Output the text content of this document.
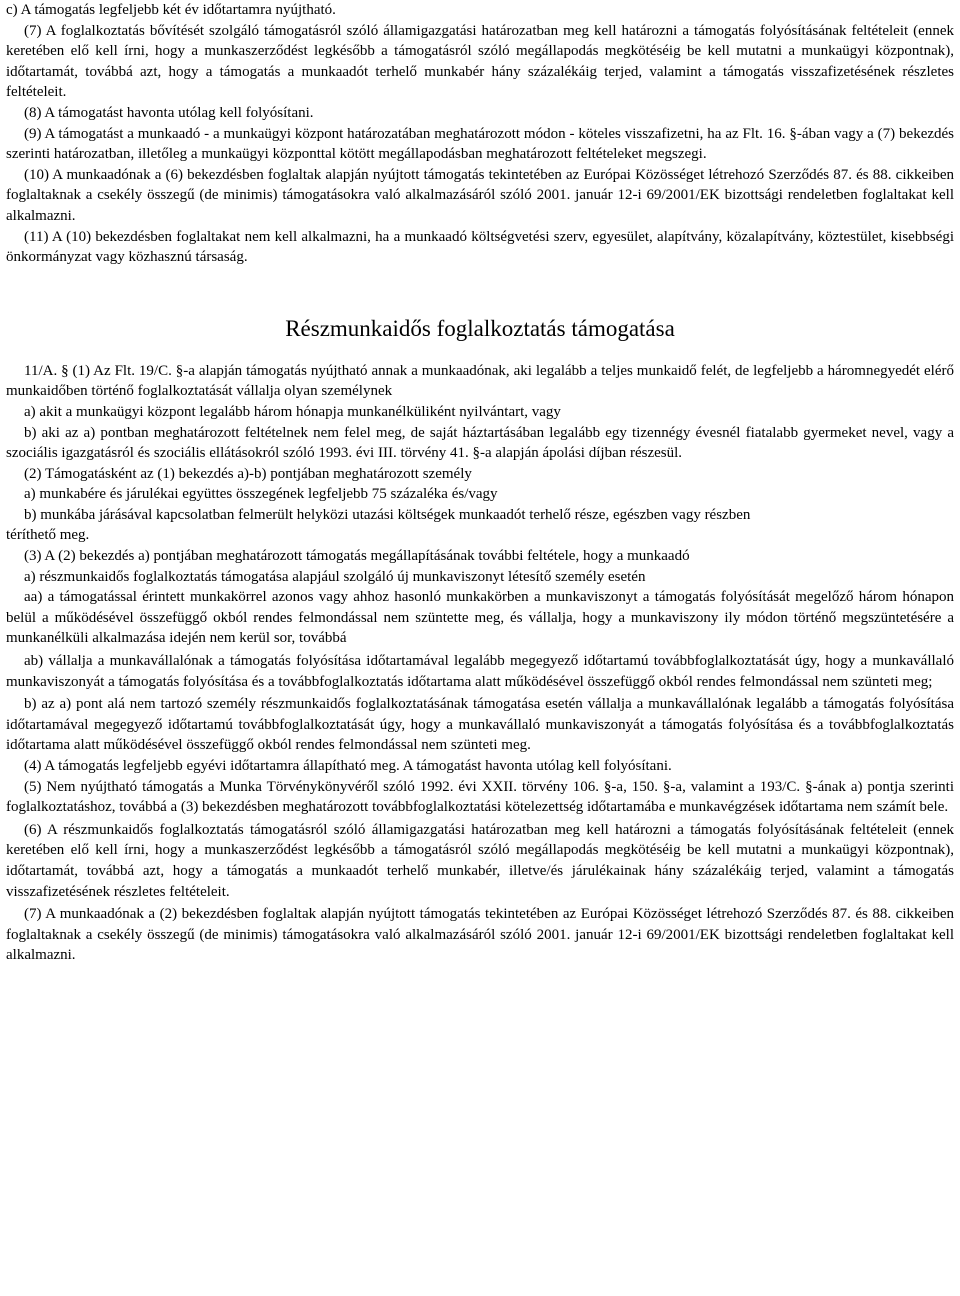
c) A támogatás legfeljebb két év időtartamra nyújtható.

(7) A foglalkoztatás bővítését szolgáló támogatásról szóló államigazgatási határozatban meg kell határozni a támogatás folyósításának feltételeit (ennek keretében elő kell írni, hogy a munkaszerződést legkésőbb a támogatásról szóló megállapodás megkötéséig be kell mutatni a munkaügyi központnak), időtartamát, továbbá azt, hogy a támogatás a munkaadót terhelő munkabér hány százalékáig terjed, valamint a támogatás visszafizetésének részletes feltételeit.

(8) A támogatást havonta utólag kell folyósítani.

(9) A támogatást a munkaadó - a munkaügyi központ határozatában meghatározott módon - köteles visszafizetni, ha az Flt. 16. §-ában vagy a (7) bekezdés szerinti határozatban, illetőleg a munkaügyi központtal kötött megállapodásban meghatározott feltételeket megszegi.

(10) A munkaadónak a (6) bekezdésben foglaltak alapján nyújtott támogatás tekintetében az Európai Közösséget létrehozó Szerződés 87. és 88. cikkeiben foglaltaknak a csekély összegű (de minimis) támogatásokra való alkalmazásáról szóló 2001. január 12-i 69/2001/EK bizottsági rendeletben foglaltakat kell alkalmazni.

(11) A (10) bekezdésben foglaltakat nem kell alkalmazni, ha a munkaadó költségvetési szerv, egyesület, alapítvány, közalapítvány, köztestület, kisebbségi önkormányzat vagy közhasznú társaság.

Részmunkaidős foglalkoztatás támogatása

11/A. § (1) Az Flt. 19/C. §-a alapján támogatás nyújtható annak a munkaadónak, aki legalább a teljes munkaidő felét, de legfeljebb a háromnegyedét elérő munkaidőben történő foglalkoztatását vállalja olyan személynek

a) akit a munkaügyi központ legalább három hónapja munkanélküliként nyilvántart, vagy

b) aki az a) pontban meghatározott feltételnek nem felel meg, de saját háztartásában legalább egy tizennégy évesnél fiatalabb gyermeket nevel, vagy a szociális igazgatásról és szociális ellátásokról szóló 1993. évi III. törvény 41. §-a alapján ápolási díjban részesül.

(2) Támogatásként az (1) bekezdés a)-b) pontjában meghatározott személy

a) munkabére és járulékai együttes összegének legfeljebb 75 százaléka és/vagy

b) munkába járásával kapcsolatban felmerült helyközi utazási költségek munkaadót terhelő része, egészben vagy részben

téríthető meg.

(3) A (2) bekezdés a) pontjában meghatározott támogatás megállapításának további feltétele, hogy a munkaadó

a) részmunkaidős foglalkoztatás támogatása alapjául szolgáló új munkaviszonyt létesítő személy esetén

aa) a támogatással érintett munkakörrel azonos vagy ahhoz hasonló munkakörben a munkaviszonyt a támogatás folyósítását megelőző három hónapon belül a működésével összefüggő okból rendes felmondással nem szüntette meg, és vállalja, hogy a munkaviszony ily módon történő megszüntetésére a munkanélküli alkalmazása idején nem kerül sor, továbbá

ab) vállalja a munkavállalónak a támogatás folyósítása időtartamával legalább megegyező időtartamú továbbfoglalkoztatását úgy, hogy a munkavállaló munkaviszonyát a támogatás folyósítása és a továbbfoglalkoztatás időtartama alatt működésével összefüggő okból rendes felmondással nem szünteti meg;

b) az a) pont alá nem tartozó személy részmunkaidős foglalkoztatásának támogatása esetén vállalja a munkavállalónak legalább a támogatás folyósítása időtartamával megegyező időtartamú továbbfoglalkoztatását úgy, hogy a munkavállaló munkaviszonyát a támogatás folyósítása és a továbbfoglalkoztatás időtartama alatt működésével összefüggő okból rendes felmondással nem szünteti meg.

(4) A támogatás legfeljebb egyévi időtartamra állapítható meg. A támogatást havonta utólag kell folyósítani.

(5) Nem nyújtható támogatás a Munka Törvénykönyvéről szóló 1992. évi XXII. törvény 106. §-a, 150. §-a, valamint a 193/C. §-ának a) pontja szerinti foglalkoztatáshoz, továbbá a (3) bekezdésben meghatározott továbbfoglalkoztatási kötelezettség időtartamába e munkavégzések időtartama nem számít bele.

(6) A részmunkaidős foglalkoztatás támogatásról szóló államigazgatási határozatban meg kell határozni a támogatás folyósításának feltételeit (ennek keretében elő kell írni, hogy a munkaszerződést legkésőbb a támogatásról szóló megállapodás megkötéséig be kell mutatni a munkaügyi központnak), időtartamát, továbbá azt, hogy a támogatás a munkaadót terhelő munkabér, illetve/és járulékainak hány százalékáig terjed, valamint a támogatás visszafizetésének részletes feltételeit.

(7) A munkaadónak a (2) bekezdésben foglaltak alapján nyújtott támogatás tekintetében az Európai Közösséget létrehozó Szerződés 87. és 88. cikkeiben foglaltaknak a csekély összegű (de minimis) támogatásokra való alkalmazásáról szóló 2001. január 12-i 69/2001/EK bizottsági rendeletben foglaltakat kell alkalmazni.
